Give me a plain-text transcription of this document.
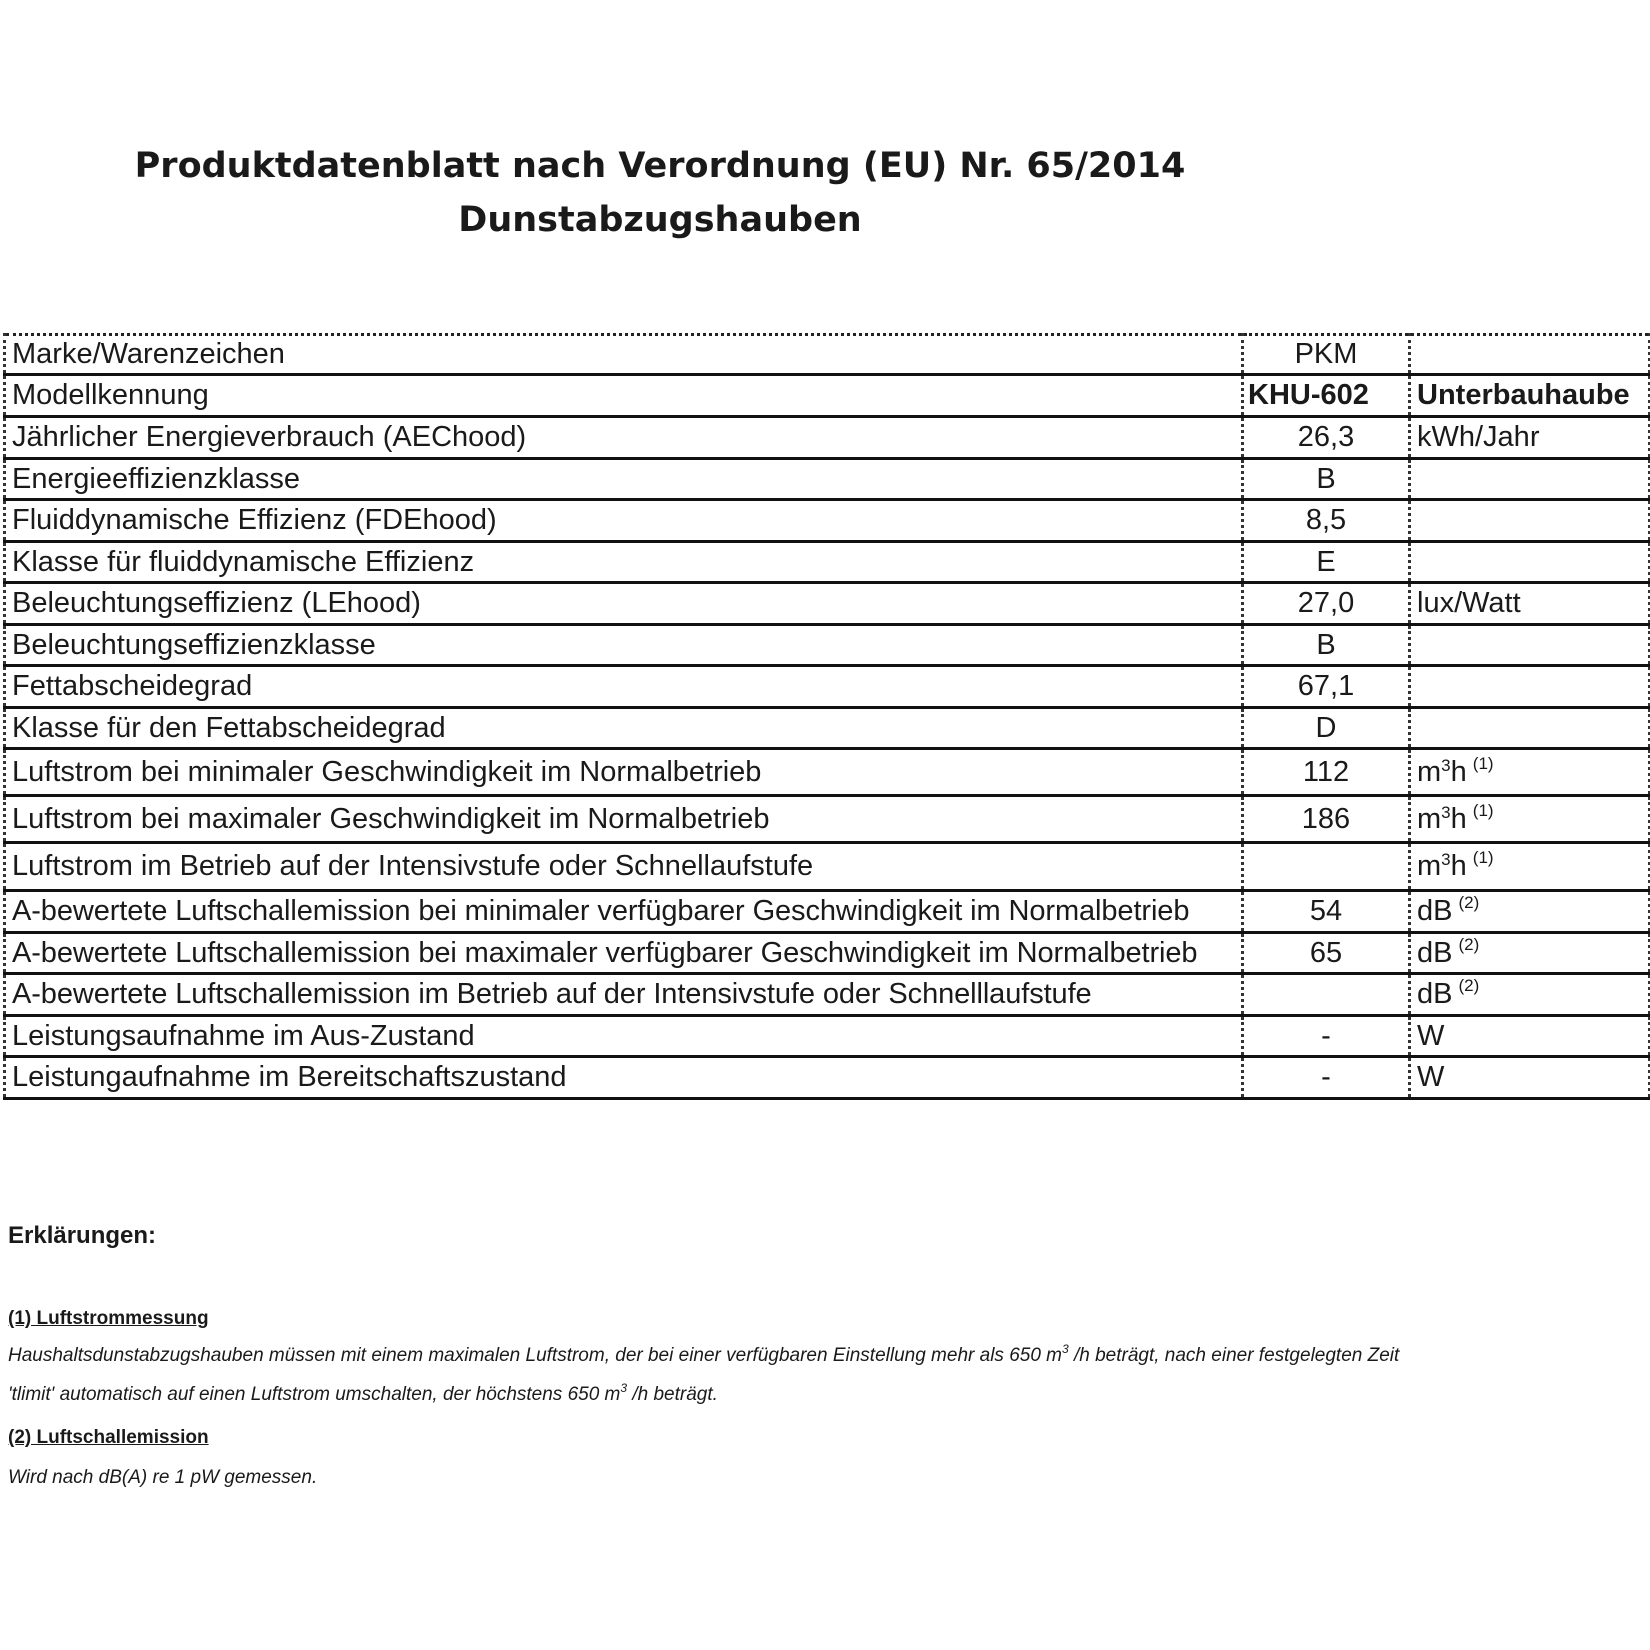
Produktdatenblatt nach Verordnung (EU) Nr. 65/2014
Dunstabzugshauben
Marke/Warenzeichen	PKM	
Modellkennung	KHU-602	Unterbauhaube
Jährlicher Energieverbrauch (AEChood)	26,3	kWh/Jahr
Energieeffizienzklasse	B	
Fluiddynamische Effizienz (FDEhood)	8,5	
Klasse für fluiddynamische Effizienz	E	
Beleuchtungseffizienz (LEhood)	27,0	lux/Watt
Beleuchtungseffizienzklasse	B	
Fettabscheidegrad	67,1	
Klasse für den Fettabscheidegrad	D	
Luftstrom bei minimaler Geschwindigkeit im Normalbetrieb	112	$m^3h$ $^{(1)}$
Luftstrom bei maximaler Geschwindigkeit im Normalbetrieb	186	$m^3h$ $^{(1)}$
Luftstrom im Betrieb auf der Intensivstufe oder Schnellaufstufe		$m^3h$ $^{(1)}$
A-bewertete Luftschallemission bei minimaler verfügbarer Geschwindigkeit im Normalbetrieb	54	dB $^{(2)}$
A-bewertete Luftschallemission bei maximaler verfügbarer Geschwindigkeit im Normalbetrieb	65	dB $^{(2)}$
A-bewertete Luftschallemission im Betrieb auf der Intensivstufe oder Schnelllaufstufe		dB $^{(2)}$
Leistungsaufnahme im Aus-Zustand	-	W
Leistungaufnahme im Bereitschaftszustand	-	W
Erklärungen:

(1) Luftstrommessung

Haushaltsdunstabzugshauben müssen mit einem maximalen Luftstrom, der bei einer verfügbaren Einstellung mehr als 650 $m^3$ /h beträgt, nach einer festgelegten Zeit

'tlimit' automatisch auf einen Luftstrom umschalten, der höchstens 650 $m^3$ /h beträgt.

(2) Luftschallemission

Wird nach dB(A) re 1 pW gemessen.
